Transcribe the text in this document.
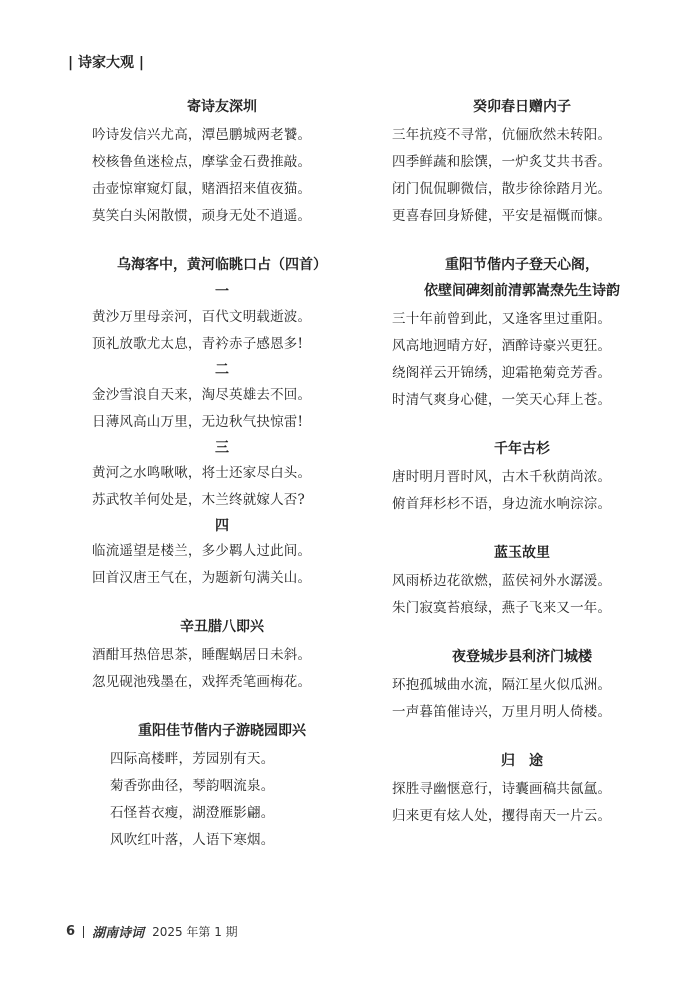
| 诗家大观 |
寄诗友深圳
吟诗发信兴尤高，潭邑鹏城两老饕。
校核鲁鱼迷检点，摩挲金石费推敲。
击壶惊窜窥灯鼠，赌酒招来值夜猫。
莫笑白头闲散惯，顽身无处不逍遥。
乌海客中，黄河临眺口占（四首）
一
黄沙万里母亲河，百代文明载逝波。
顶礼放歌尤太息，青衿赤子感恩多!
二
金沙雪浪自天来，淘尽英雄去不回。
日薄风高山万里，无边秋气抉惊雷!
三
黄河之水鸣啾啾，将士还家尽白头。
苏武牧羊何处是，木兰终就嫁人否?
四
临流遥望是楼兰，多少羁人过此间。
回首汉唐王气在，为题新句满关山。
辛丑腊八即兴
酒酣耳热倍思茶，睡醒蜗居日未斜。
忽见砚池残墨在，戏挥秃笔画梅花。
重阳佳节偕内子游晓园即兴
四际高楼畔，芳园别有天。
菊香弥曲径，琴韵咽流泉。
石怪苔衣瘦，湖澄雁影翩。
风吹红叶落，人语下寒烟。
癸卯春日赠内子
三年抗疫不寻常，伉俪欣然未转阳。
四季鲜蔬和脍馔，一炉炙艾共书香。
闭门侃侃聊微信，散步徐徐踏月光。
更喜春回身矫健，平安是福慨而慷。
重阳节偕内子登天心阁，
依壁间碑刻前清郭嵩焘先生诗韵
三十年前曾到此，又逢客里过重阳。
风高地迥晴方好，酒醉诗豪兴更狂。
绕阁祥云开锦绣，迎霜艳菊竞芳香。
时清气爽身心健，一笑天心拜上苍。
千年古杉
唐时明月晋时风，古木千秋荫尚浓。
俯首拜杉杉不语，身边流水响淙淙。
蓝玉故里
风雨桥边花欲燃，蓝侯祠外水潺湲。
朱门寂寞苔痕绿，燕子飞来又一年。
夜登城步县利济门城楼
环抱孤城曲水流，隔江星火似瓜洲。
一声暮笛催诗兴，万里月明人倚楼。
归　途
探胜寻幽惬意行，诗囊画稿共氤氲。
归来更有炫人处，攫得南天一片云。
6 湖南诗词 2025 年第 1 期
